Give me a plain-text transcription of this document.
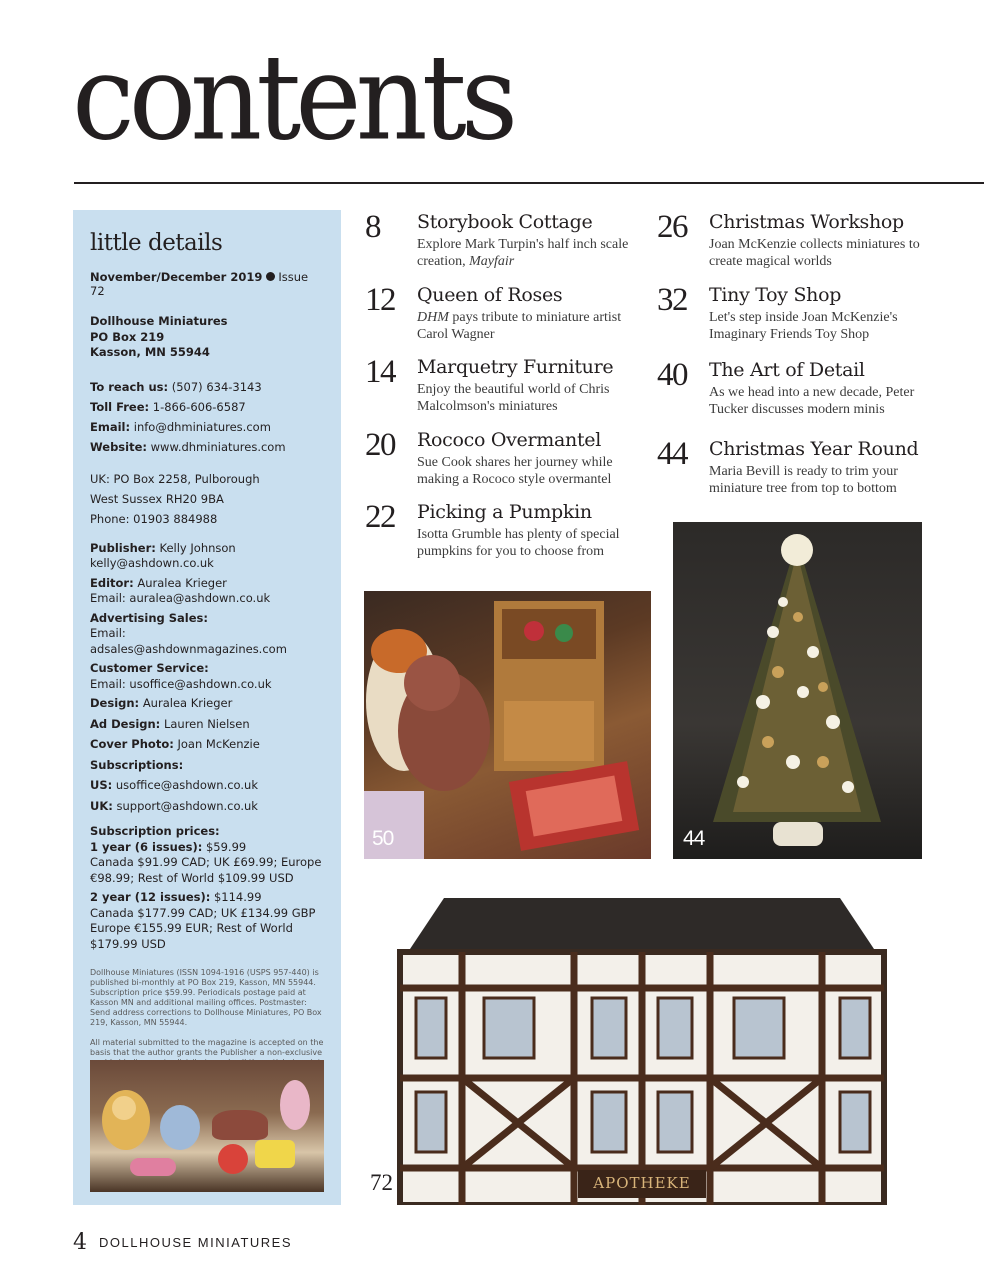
contents
little details
November/December 2019 Issue 72
Dollhouse Miniatures
PO Box 219
Kasson, MN 55944
To reach us: (507) 634-3143
Toll Free: 1-866-606-6587
Email: info@dhminiatures.com
Website: www.dhminiatures.com
UK: PO Box 2258, Pulborough
West Sussex RH20 9BA
Phone: 01903 884988
Publisher: Kelly Johnson
kelly@ashdown.co.uk
Editor: Auralea Krieger
Email: auralea@ashdown.co.uk
Advertising Sales:
Email: adsales@ashdownmagazines.com
Customer Service:
Email: usoffice@ashdown.co.uk
Design: Auralea Krieger
Ad Design: Lauren Nielsen
Cover Photo: Joan McKenzie
Subscriptions:
US: usoffice@ashdown.co.uk
UK: support@ashdown.co.uk
Subscription prices:
1 year (6 issues): $59.99
Canada $91.99 CAD; UK £69.99; Europe €98.99; Rest of World $109.99 USD
2 year (12 issues): $114.99
Canada $177.99 CAD; UK £134.99 GBP Europe €155.99 EUR; Rest of World $179.99 USD
Dollhouse Miniatures (ISSN 1094-1916 (USPS 957-440) is published bi-monthly at PO Box 219, Kasson, MN 55944. Subscription price $59.99. Periodicals postage paid at Kasson MN and additional mailing offices. Postmaster: Send address corrections to Dollhouse Miniatures, PO Box 219, Kasson, MN 55944.
All material submitted to the magazine is accepted on the basis that the author grants the Publisher a non-exclusive
8 Storybook Cottage
Explore Mark Turpin's half inch scale creation, Mayfair
12 Queen of Roses
DHM pays tribute to miniature artist Carol Wagner
14 Marquetry Furniture
Enjoy the beautiful world of Chris Malcolmson's miniatures
20 Rococo Overmantel
Sue Cook shares her journey while making a Rococo style overmantel
22 Picking a Pumpkin
Isotta Grumble has plenty of special pumpkins for you to choose from
26 Christmas Workshop
Joan McKenzie collects miniatures to create magical worlds
32 Tiny Toy Shop
Let's step inside Joan McKenzie's Imaginary Friends Toy Shop
40 The Art of Detail
As we head into a new decade, Peter Tucker discusses modern minis
44 Christmas Year Round
Maria Bevill is ready to trim your miniature tree from top to bottom
50	44
APOTHEKE
72
4 DOLLHOUSE MINIATURES
